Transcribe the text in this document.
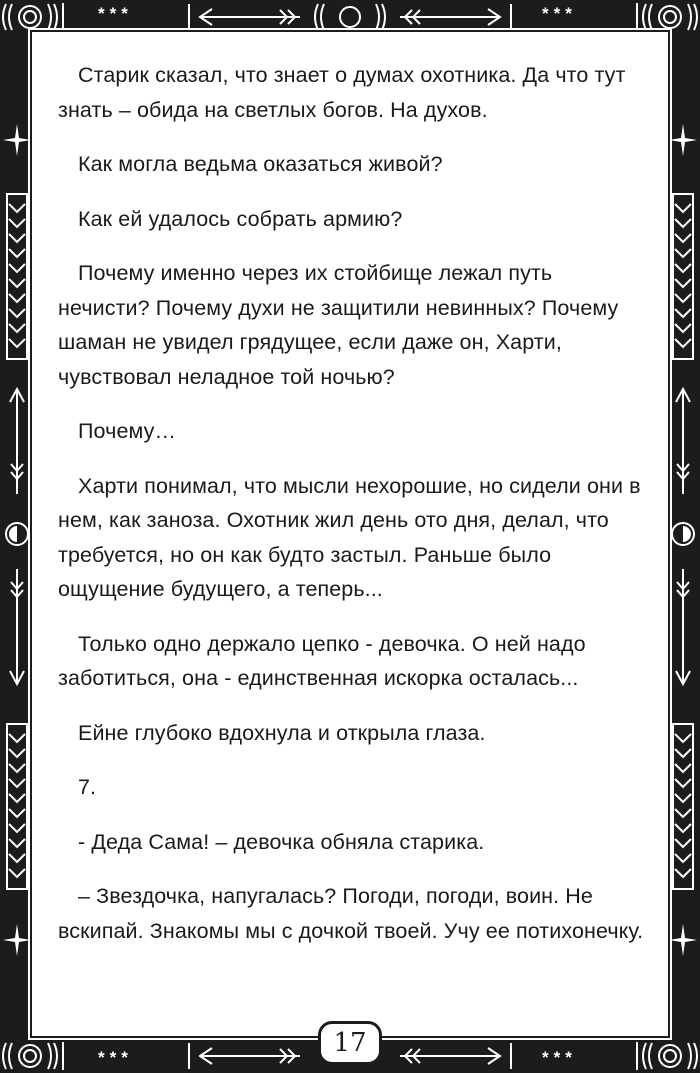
***	***
***	***

Старик сказал, что знает о думах охотника. Да что тут знать – обида на светлых богов. На духов.

Как могла ведьма оказаться живой?

Как ей удалось собрать армию?

Почему именно через их стойбище лежал путь нечисти? Почему духи не защитили невинных? Почему шаман не увидел грядущее, если даже он, Харти, чувствовал неладное той ночью?

Почему…

Харти понимал, что мысли нехорошие, но сидели они в нем, как заноза. Охотник жил день ото дня, делал, что требуется, но он как будто застыл. Раньше было ощущение будущего, а теперь...

Только одно держало цепко - девочка. О ней надо заботиться, она - единственная искорка осталась...

Ейне глубоко вдохнула и открыла глаза.

7.

- Деда Сама! – девочка обняла старика.

– Звездочка, напугалась? Погоди, погоди, воин. Не вскипай. Знакомы мы с дочкой твоей. Учу ее потихонечку.

17
